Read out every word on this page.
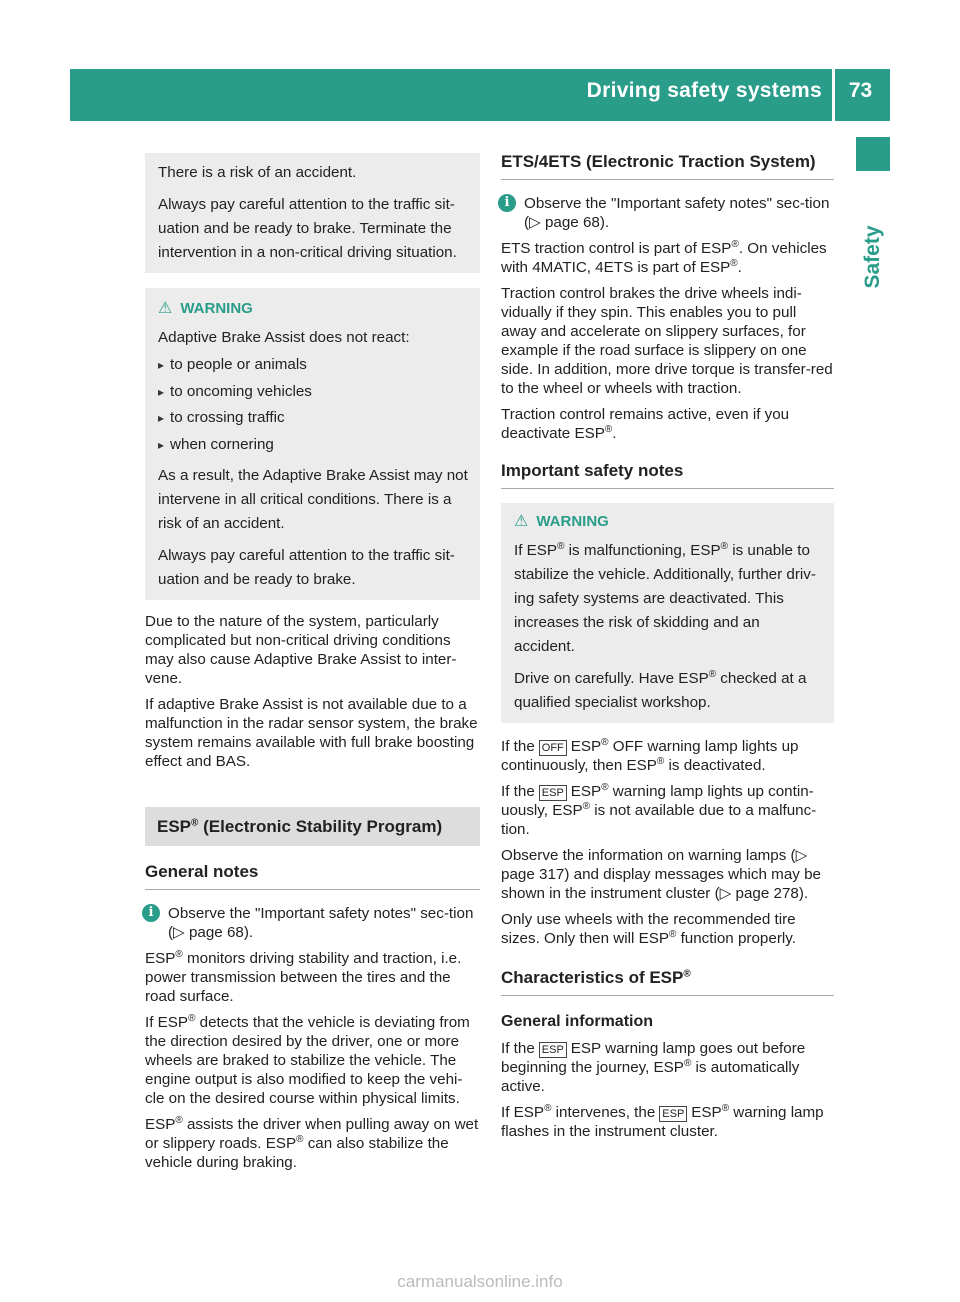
Driving safety systems	73
Safety

There is a risk of an accident.

Always pay careful attention to the traffic sit-uation and be ready to brake. Terminate the intervention in a non-critical driving situation.

⚠ WARNING

Adaptive Brake Assist does not react:

▸ to people or animals
▸ to oncoming vehicles
▸ to crossing traffic
▸ when cornering

As a result, the Adaptive Brake Assist may not intervene in all critical conditions. There is a risk of an accident.

Always pay careful attention to the traffic sit-uation and be ready to brake.

Due to the nature of the system, particularly complicated but non-critical driving conditions may also cause Adaptive Brake Assist to inter-vene.

If adaptive Brake Assist is not available due to a malfunction in the radar sensor system, the brake system remains available with full brake boosting effect and BAS.

ESP® (Electronic Stability Program)
General notes
i Observe the "Important safety notes" sec-tion (▷ page 68).

ESP® monitors driving stability and traction, i.e. power transmission between the tires and the road surface.

If ESP® detects that the vehicle is deviating from the direction desired by the driver, one or more wheels are braked to stabilize the vehicle. The engine output is also modified to keep the vehi-cle on the desired course within physical limits.

ESP® assists the driver when pulling away on wet or slippery roads. ESP® can also stabilize the vehicle during braking.

ETS/4ETS (Electronic Traction System)
i Observe the "Important safety notes" sec-tion (▷ page 68).

ETS traction control is part of ESP®. On vehicles with 4MATIC, 4ETS is part of ESP®.

Traction control brakes the drive wheels indi-vidually if they spin. This enables you to pull away and accelerate on slippery surfaces, for example if the road surface is slippery on one side. In addition, more drive torque is transfer-red to the wheel or wheels with traction.

Traction control remains active, even if you deactivate ESP®.

Important safety notes
⚠ WARNING

If ESP® is malfunctioning, ESP® is unable to stabilize the vehicle. Additionally, further driv-ing safety systems are deactivated. This increases the risk of skidding and an accident.

Drive on carefully. Have ESP® checked at a qualified specialist workshop.

If the OFF ESP® OFF warning lamp lights up continuously, then ESP® is deactivated.

If the ESP ESP® warning lamp lights up contin-uously, ESP® is not available due to a malfunc-tion.

Observe the information on warning lamps (▷ page 317) and display messages which may be shown in the instrument cluster (▷ page 278).

Only use wheels with the recommended tire sizes. Only then will ESP® function properly.

Characteristics of ESP®
General information

If the ESP ESP warning lamp goes out before beginning the journey, ESP® is automatically active.

If ESP® intervenes, the ESP ESP® warning lamp flashes in the instrument cluster.

carmanualsonline.info
